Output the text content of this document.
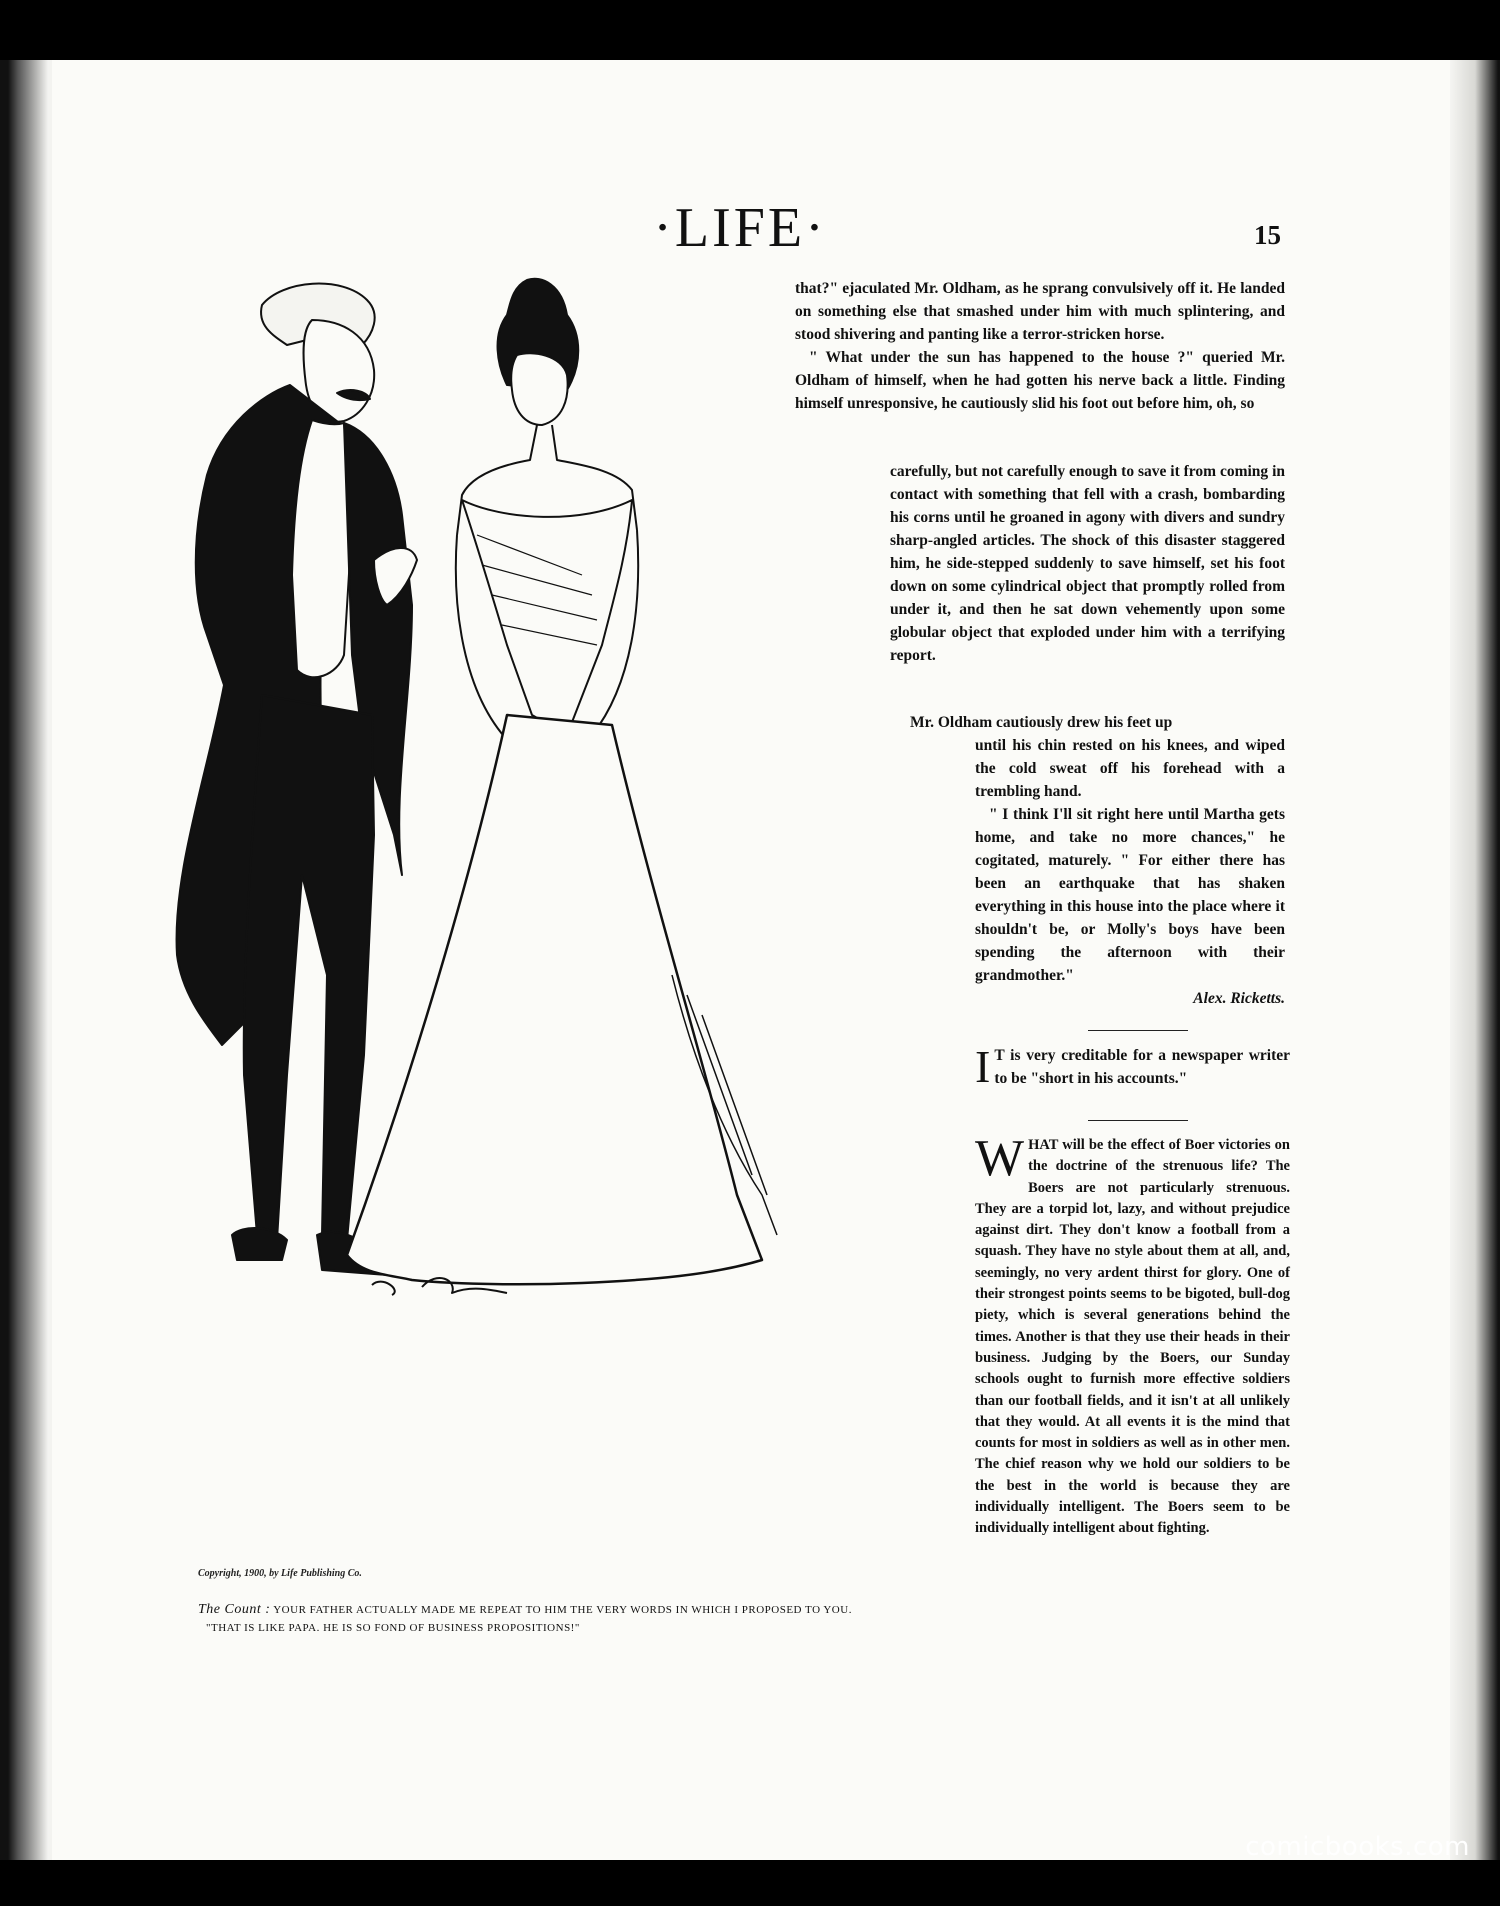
·LIFE·	15
Copyright, 1900, by Life Publishing Co.
The Count : YOUR FATHER ACTUALLY MADE ME REPEAT TO HIM THE VERY WORDS IN WHICH I PROPOSED TO YOU.
"THAT IS LIKE PAPA. HE IS SO FOND OF BUSINESS PROPOSITIONS!"

that?" ejaculated Mr. Oldham, as he sprang convulsively off it. He landed on something else that smashed under him with much splintering, and stood shivering and panting like a terror-stricken horse.

" What under the sun has happened to the house ?" queried Mr. Oldham of himself, when he had gotten his nerve back a little. Finding himself unresponsive, he cautiously slid his foot out before him, oh, so

carefully, but not carefully enough to save it from coming in contact with something that fell with a crash, bombarding his corns until he groaned in agony with divers and sundry sharp-angled articles. The shock of this disaster staggered him, he side-stepped suddenly to save himself, set his foot down on some cylindrical object that promptly rolled from under it, and then he sat down vehemently upon some globular object that exploded under him with a terrifying report.

Mr. Oldham cautiously drew his feet up

until his chin rested on his knees, and wiped the cold sweat off his forehead with a trembling hand.

" I think I'll sit right here until Martha gets home, and take no more chances," he cogitated, maturely. " For either there has been an earthquake that has shaken everything in this house into the place where it shouldn't be, or Molly's boys have been spending the afternoon with their grandmother."

Alex. Ricketts.

I T is very creditable for a newspaper writer to be "short in his accounts."

WHAT will be the effect of Boer victories on the doctrine of the strenuous life? The Boers are not particularly strenuous. They are a torpid lot, lazy, and without prejudice against dirt. They don't know a football from a squash. They have no style about them at all, and, seemingly, no very ardent thirst for glory. One of their strongest points seems to be bigoted, bull-dog piety, which is several generations behind the times. Another is that they use their heads in their business. Judging by the Boers, our Sunday schools ought to furnish more effective soldiers than our football fields, and it isn't at all unlikely that they would. At all events it is the mind that counts for most in soldiers as well as in other men. The chief reason why we hold our soldiers to be the best in the world is because they are individually intelligent. The Boers seem to be individually intelligent about fighting.

comicbooks.com
